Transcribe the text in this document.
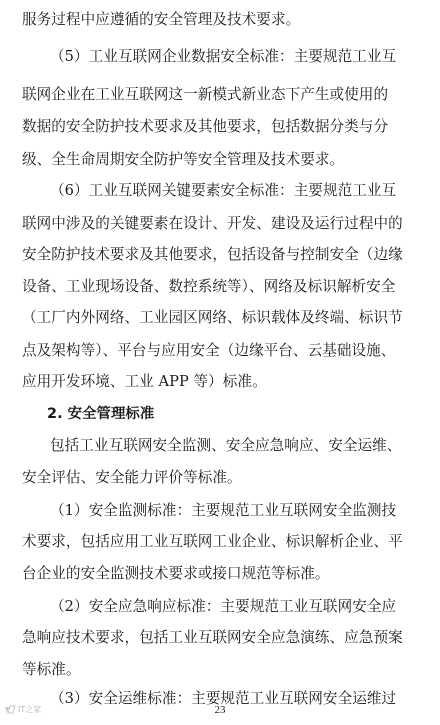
服务过程中应遵循的安全管理及技术要求。
（5）工业互联网企业数据安全标准：主要规范工业互
联网企业在工业互联网这一新模式新业态下产生或使用的
数据的安全防护技术要求及其他要求，包括数据分类与分
级、全生命周期安全防护等安全管理及技术要求。
（6）工业互联网关键要素安全标准：主要规范工业互
联网中涉及的关键要素在设计、开发、建设及运行过程中的
安全防护技术要求及其他要求，包括设备与控制安全（边缘
设备、工业现场设备、数控系统等）、网络及标识解析安全
（工厂内外网络、工业园区网络、标识载体及终端、标识节
点及架构等）、平台与应用安全（边缘平台、云基础设施、
应用开发环境、工业 APP 等）标准。
2. 安全管理标准
包括工业互联网安全监测、安全应急响应、安全运维、
安全评估、安全能力评价等标准。
（1）安全监测标准：主要规范工业互联网安全监测技
术要求，包括应用工业互联网工业企业、标识解析企业、平
台企业的安全监测技术要求或接口规范等标准。
（2）安全应急响应标准：主要规范工业互联网安全应
急响应技术要求，包括工业互联网安全应急演练、应急预案
等标准。
（3）安全运维标准：主要规范工业互联网安全运维过
IT之家	23
